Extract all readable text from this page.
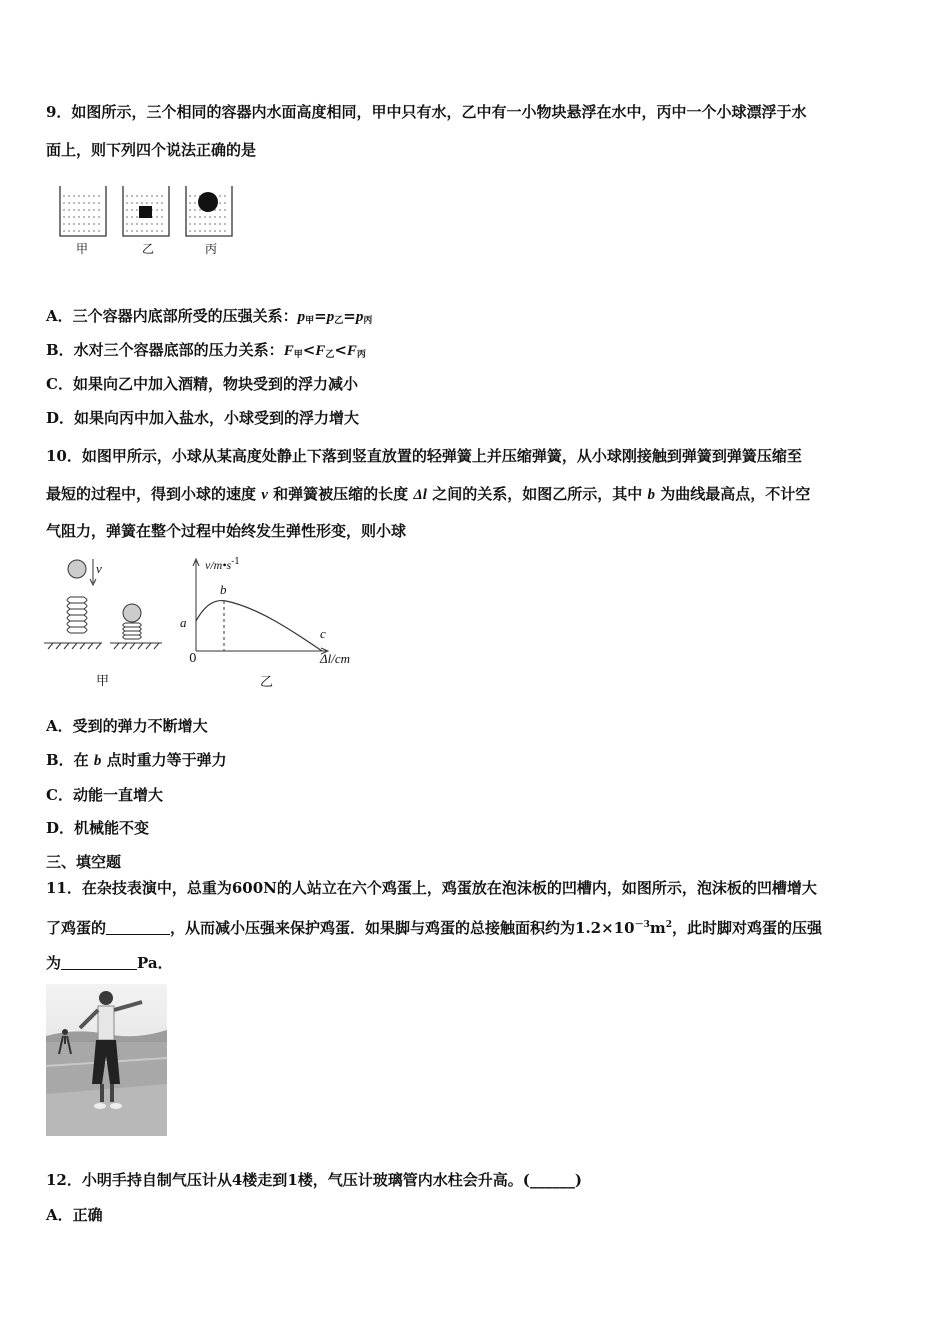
9．如图所示，三个相同的容器内水面高度相同，甲中只有水，乙中有一小物块悬浮在水中，丙中一个小球漂浮于水
面上，则下列四个说法正确的是
甲	乙	丙
A．三个容器内底部所受的压强关系：$p_甲=p_乙=p_丙$
B．水对三个容器底部的压力关系：$F_甲<F_乙<F_丙$
C．如果向乙中加入酒精，物块受到的浮力减小
D．如果向丙中加入盐水，小球受到的浮力增大
10．如图甲所示，小球从某高度处静止下落到竖直放置的轻弹簧上并压缩弹簧，从小球刚接触到弹簧到弹簧压缩至
最短的过程中，得到小球的速度 v 和弹簧被压缩的长度 Δl 之间的关系，如图乙所示，其中 b 为曲线最高点，不计空
气阻力，弹簧在整个过程中始终发生弹性形变，则小球
v	$v/m•s^{-1}$
b
a
c
0	Δl/cm
甲	乙
A．受到的弹力不断增大
B．在 b 点时重力等于弹力
C．动能一直增大
D．机械能不变
三、填空题
11．在杂技表演中，总重为600N的人站立在六个鸡蛋上，鸡蛋放在泡沫板的凹槽内，如图所示，泡沫板的凹槽增大
了鸡蛋的	，从而减小压强来保护鸡蛋．如果脚与鸡蛋的总接触面积约为$1.2\times 10^{-3}m^2$，此时脚对鸡蛋的压强
为	Pa．
12．小明手持自制气压计从4楼走到1楼，气压计玻璃管内水柱会升高。(______)
A．正确
